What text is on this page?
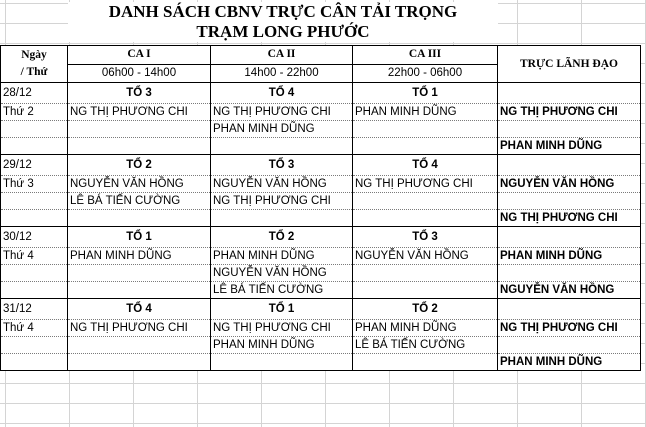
DANH SÁCH CBNV TRỰC CÂN TẢI TRỌNG
TRẠM LONG PHƯỚC
Ngày
/ Thứ	CA I	CA II	CA III	TRỰC LÃNH ĐẠO
	06h00 - 14h00	14h00 - 22h00	22h00 - 06h00	
28/12	TỔ 3	TỔ 4	TỔ 1	
Thứ 2	NG THỊ PHƯƠNG CHI	NG THỊ PHƯƠNG CHI	PHAN MINH DŨNG	NG THỊ PHƯƠNG CHI
		PHAN MINH DŨNG		
				PHAN MINH DŨNG
29/12	TỔ 2	TỔ 3	TỔ 4	
Thứ 3	NGUYỄN VĂN HỒNG	NGUYỄN VĂN HỒNG	NG THỊ PHƯƠNG CHI	NGUYỄN VĂN HỒNG
	LÊ BÁ TIẾN CƯỜNG	NG THỊ PHƯƠNG CHI		
				NG THỊ PHƯƠNG CHI
30/12	TỔ 1	TỔ 2	TỔ 3	
Thứ 4	PHAN MINH DŨNG	PHAN MINH DŨNG	NGUYỄN VĂN HỒNG	PHAN MINH DŨNG
		NGUYỄN VĂN HỒNG		
		LÊ BÁ TIẾN CƯỜNG		NGUYỄN VĂN HỒNG
31/12	TỔ 4	TỔ 1	TỔ 2	
Thứ 4	NG THỊ PHƯƠNG CHI	NG THỊ PHƯƠNG CHI	PHAN MINH DŨNG	NG THỊ PHƯƠNG CHI
		PHAN MINH DŨNG	LÊ BÁ TIẾN CƯỜNG	
				PHAN MINH DŨNG
